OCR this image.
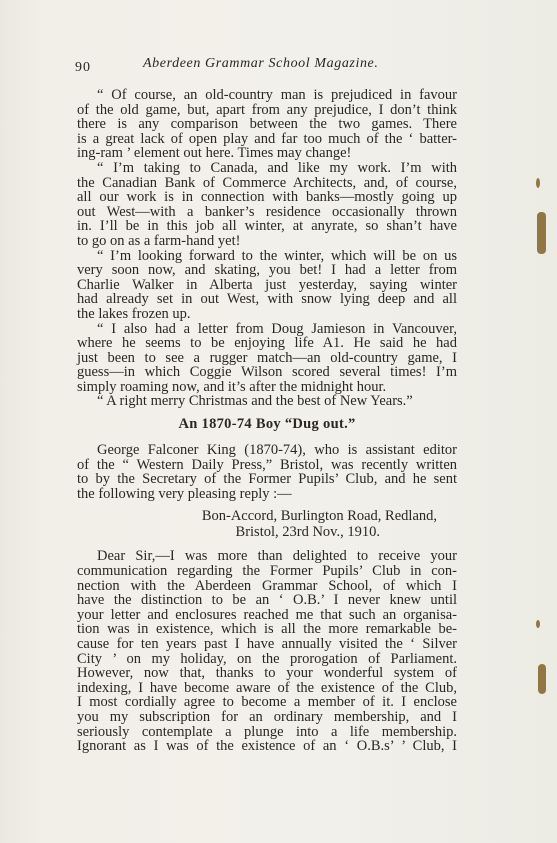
90	Aberdeen Grammar School Magazine.
“ Of course, an old-country man is prejudiced in favour
of the old game, but, apart from any prejudice, I don’t think
there is any comparison between the two games. There
is a great lack of open play and far too much of the ‘ batter-
ing-ram ’ element out here. Times may change!
“ I’m taking to Canada, and like my work. I’m with
the Canadian Bank of Commerce Architects, and, of course,
all our work is in connection with banks—mostly going up
out West—with a banker’s residence occasionally thrown
in. I’ll be in this job all winter, at anyrate, so shan’t have
to go on as a farm-hand yet!
“ I’m looking forward to the winter, which will be on us
very soon now, and skating, you bet! I had a letter from
Charlie Walker in Alberta just yesterday, saying winter
had already set in out West, with snow lying deep and all
the lakes frozen up.
“ I also had a letter from Doug Jamieson in Vancouver,
where he seems to be enjoying life A1. He said he had
just been to see a rugger match—an old-country game, I
guess—in which Coggie Wilson scored several times! I’m
simply roaming now, and it’s after the midnight hour.
“ A right merry Christmas and the best of New Years.”
An 1870-74 Boy “Dug out.”
George Falconer King (1870-74), who is assistant editor
of the “ Western Daily Press,” Bristol, was recently written
to by the Secretary of the Former Pupils’ Club, and he sent
the following very pleasing reply :—
Bon-Accord, Burlington Road, Redland,
Bristol, 23rd Nov., 1910.
Dear Sir,—I was more than delighted to receive your
communication regarding the Former Pupils’ Club in con-
nection with the Aberdeen Grammar School, of which I
have the distinction to be an ‘ O.B.’ I never knew until
your letter and enclosures reached me that such an organisa-
tion was in existence, which is all the more remarkable be-
cause for ten years past I have annually visited the ‘ Silver
City ’ on my holiday, on the prorogation of Parliament.
However, now that, thanks to your wonderful system of
indexing, I have become aware of the existence of the Club,
I most cordially agree to become a member of it. I enclose
you my subscription for an ordinary membership, and I
seriously contemplate a plunge into a life membership.
Ignorant as I was of the existence of an ‘ O.B.s’ ’ Club, I
